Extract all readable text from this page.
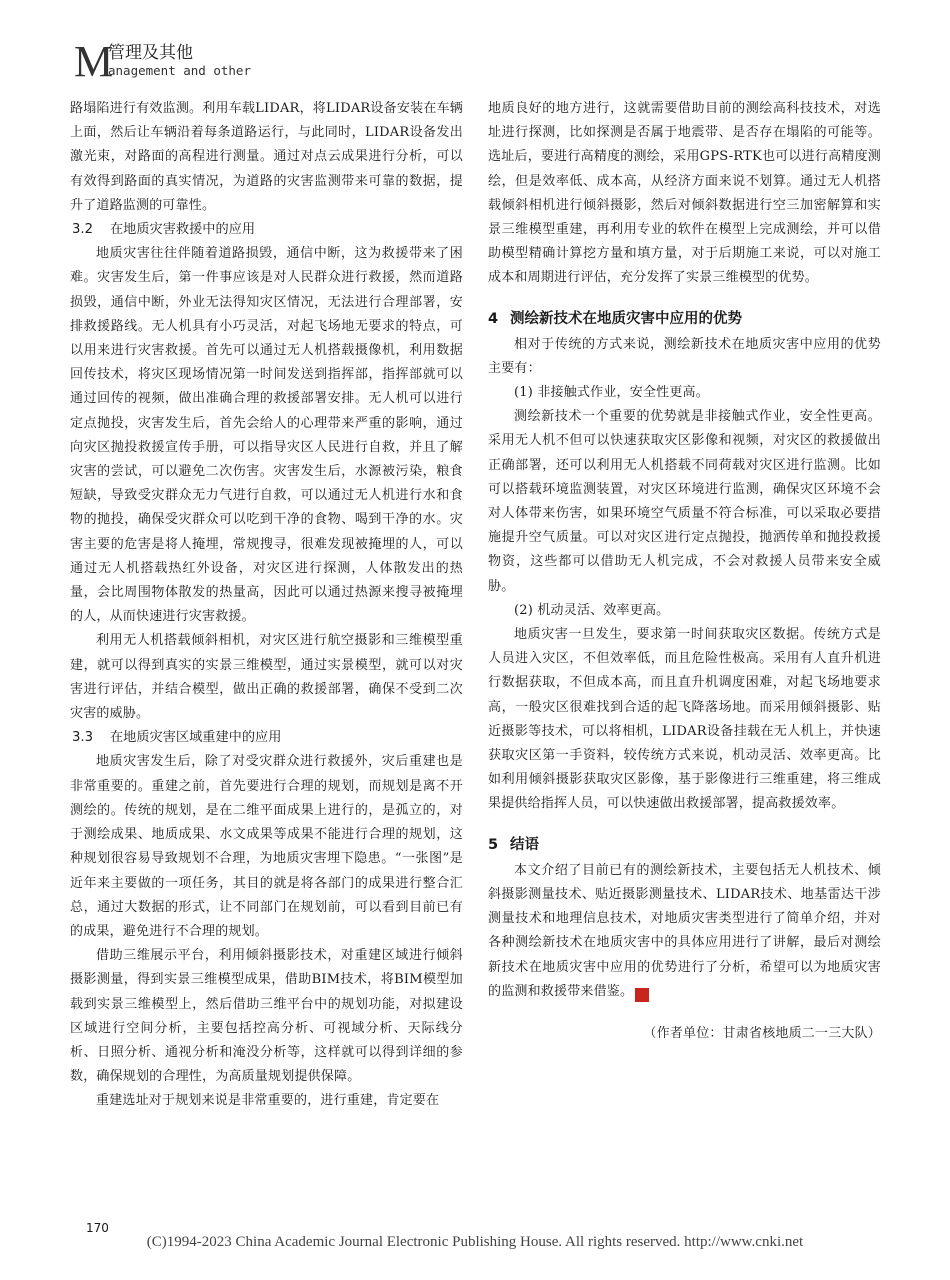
M
管理及其他
anagement and other

路塌陷进行有效监测。利用车载LIDAR，将LIDAR设备安装在车辆上面，然后让车辆沿着每条道路运行，与此同时，LIDAR设备发出激光束，对路面的高程进行测量。通过对点云成果进行分析，可以有效得到路面的真实情况，为道路的灾害监测带来可靠的数据，提升了道路监测的可靠性。

3.2 在地质灾害救援中的应用

地质灾害往往伴随着道路损毁，通信中断，这为救援带来了困难。灾害发生后，第一件事应该是对人民群众进行救援，然而道路损毁，通信中断，外业无法得知灾区情况，无法进行合理部署，安排救援路线。无人机具有小巧灵活，对起飞场地无要求的特点，可以用来进行灾害救援。首先可以通过无人机搭载摄像机，利用数据回传技术，将灾区现场情况第一时间发送到指挥部，指挥部就可以通过回传的视频，做出准确合理的救援部署安排。无人机可以进行定点抛投，灾害发生后，首先会给人的心理带来严重的影响，通过向灾区抛投救援宣传手册，可以指导灾区人民进行自救，并且了解灾害的尝试，可以避免二次伤害。灾害发生后，水源被污染，粮食短缺，导致受灾群众无力气进行自救，可以通过无人机进行水和食物的抛投，确保受灾群众可以吃到干净的食物、喝到干净的水。灾害主要的危害是将人掩埋，常规搜寻，很难发现被掩埋的人，可以通过无人机搭载热红外设备，对灾区进行探测，人体散发出的热量，会比周围物体散发的热量高，因此可以通过热源来搜寻被掩埋的人，从而快速进行灾害救援。

利用无人机搭载倾斜相机，对灾区进行航空摄影和三维模型重建，就可以得到真实的实景三维模型，通过实景模型，就可以对灾害进行评估，并结合模型，做出正确的救援部署，确保不受到二次灾害的威胁。

3.3 在地质灾害区域重建中的应用

地质灾害发生后，除了对受灾群众进行救援外，灾后重建也是非常重要的。重建之前，首先要进行合理的规划，而规划是离不开测绘的。传统的规划，是在二维平面成果上进行的，是孤立的，对于测绘成果、地质成果、水文成果等成果不能进行合理的规划，这种规划很容易导致规划不合理，为地质灾害埋下隐患。“一张图”是近年来主要做的一项任务，其目的就是将各部门的成果进行整合汇总，通过大数据的形式，让不同部门在规划前，可以看到目前已有的成果，避免进行不合理的规划。

借助三维展示平台，利用倾斜摄影技术，对重建区域进行倾斜摄影测量，得到实景三维模型成果，借助BIM技术，将BIM模型加载到实景三维模型上，然后借助三维平台中的规划功能，对拟建设区域进行空间分析，主要包括控高分析、可视域分析、天际线分析、日照分析、通视分析和淹没分析等，这样就可以得到详细的参数，确保规划的合理性，为高质量规划提供保障。

重建选址对于规划来说是非常重要的，进行重建，肯定要在

地质良好的地方进行，这就需要借助目前的测绘高科技技术，对选址进行探测，比如探测是否属于地震带、是否存在塌陷的可能等。选址后，要进行高精度的测绘，采用GPS-RTK也可以进行高精度测绘，但是效率低、成本高，从经济方面来说不划算。通过无人机搭载倾斜相机进行倾斜摄影，然后对倾斜数据进行空三加密解算和实景三维模型重建，再利用专业的软件在模型上完成测绘，并可以借助模型精确计算挖方量和填方量，对于后期施工来说，可以对施工成本和周期进行评估，充分发挥了实景三维模型的优势。

4 测绘新技术在地质灾害中应用的优势

相对于传统的方式来说，测绘新技术在地质灾害中应用的优势主要有：

(1) 非接触式作业，安全性更高。

测绘新技术一个重要的优势就是非接触式作业，安全性更高。采用无人机不但可以快速获取灾区影像和视频，对灾区的救援做出正确部署，还可以利用无人机搭载不同荷载对灾区进行监测。比如可以搭载环境监测装置，对灾区环境进行监测，确保灾区环境不会对人体带来伤害，如果环境空气质量不符合标准，可以采取必要措施提升空气质量。可以对灾区进行定点抛投，抛洒传单和抛投救援物资，这些都可以借助无人机完成，不会对救援人员带来安全威胁。

(2) 机动灵活、效率更高。

地质灾害一旦发生，要求第一时间获取灾区数据。传统方式是人员进入灾区，不但效率低，而且危险性极高。采用有人直升机进行数据获取，不但成本高，而且直升机调度困难，对起飞场地要求高，一般灾区很难找到合适的起飞降落场地。而采用倾斜摄影、贴近摄影等技术，可以将相机，LIDAR设备挂载在无人机上，并快速获取灾区第一手资料，较传统方式来说，机动灵活、效率更高。比如利用倾斜摄影获取灾区影像，基于影像进行三维重建，将三维成果提供给指挥人员，可以快速做出救援部署，提高救援效率。

5 结语

本文介绍了目前已有的测绘新技术，主要包括无人机技术、倾斜摄影测量技术、贴近摄影测量技术、LIDAR技术、地基雷达干涉测量技术和地理信息技术，对地质灾害类型进行了简单介绍，并对各种测绘新技术在地质灾害中的具体应用进行了讲解，最后对测绘新技术在地质灾害中应用的优势进行了分析，希望可以为地质灾害的监测和救援带来借鉴。	通

（作者单位：甘肃省核地质二一三大队）

170
(C)1994-2023 China Academic Journal Electronic Publishing House. All rights reserved. http://www.cnki.net
